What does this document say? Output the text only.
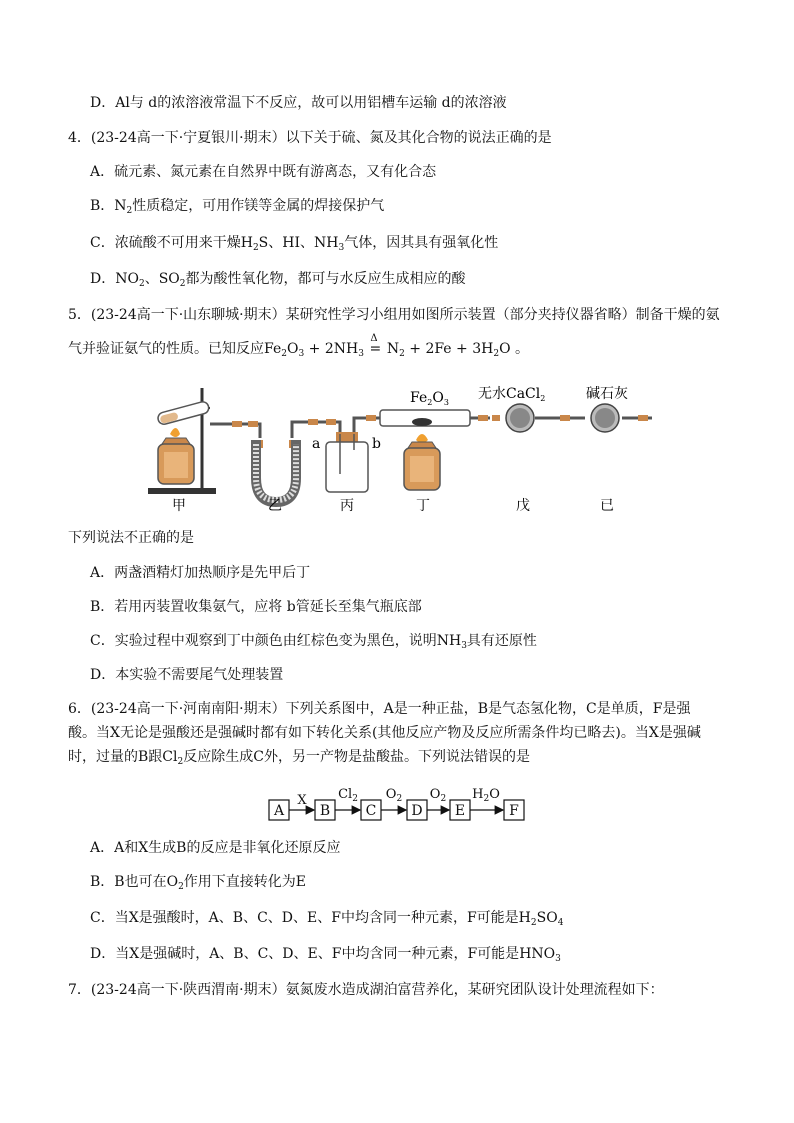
D．Al与 d的浓溶液常温下不反应，故可以用铝槽车运输 d的浓溶液
4．(23-24高一下·宁夏银川·期末）以下关于硫、氮及其化合物的说法正确的是
A．硫元素、氮元素在自然界中既有游离态，又有化合态
B．$N_2$性质稳定，可用作镁等金属的焊接保护气
C．浓硫酸不可用来干燥$H_2S$、HI、$NH_3$气体，因其具有强氧化性
D．$NO_2$、$SO_2$都为酸性氧化物，都可与水反应生成相应的酸
5．(23-24高一下·山东聊城·期末）某研究性学习小组用如图所示装置（部分夹持仪器省略）制备干燥的氨
气并验证氨气的性质。已知反应$Fe_2O_3 + 2NH_3$
Δ
= $N_2 + 2Fe + 3H_2O$ 。
a	b
$Fe_2O_3$
无水CaCl$_2$	碱石灰
甲	乙	丙	丁	戊	已
下列说法不正确的是
A．两盏酒精灯加热顺序是先甲后丁
B．若用丙装置收集氨气，应将 b管延长至集气瓶底部
C．实验过程中观察到丁中颜色由红棕色变为黑色，说明$NH_3$具有还原性
D．本实验不需要尾气处理装置
6．(23-24高一下·河南南阳·期末）下列关系图中，A是一种正盐，B是气态氢化物，C是单质，F是强
酸。当X无论是强酸还是强碱时都有如下转化关系(其他反应产物及反应所需条件均已略去)。当X是强碱
时，过量的B跟$Cl_2$反应除生成C外，另一产物是盐酸盐。下列说法错误的是
A	B	C	D E	F
X $Cl_2$ $O_2$ $O_2$ $H_2O$
A．A和X生成B的反应是非氧化还原反应
B．B也可在$O_2$作用下直接转化为E
C．当X是强酸时，A、B、C、D、E、F中均含同一种元素，F可能是$H_2SO_4$
D．当X是强碱时，A、B、C、D、E、F中均含同一种元素，F可能是$HNO_3$
7．(23-24高一下·陕西渭南·期末）氨氮废水造成湖泊富营养化，某研究团队设计处理流程如下：
